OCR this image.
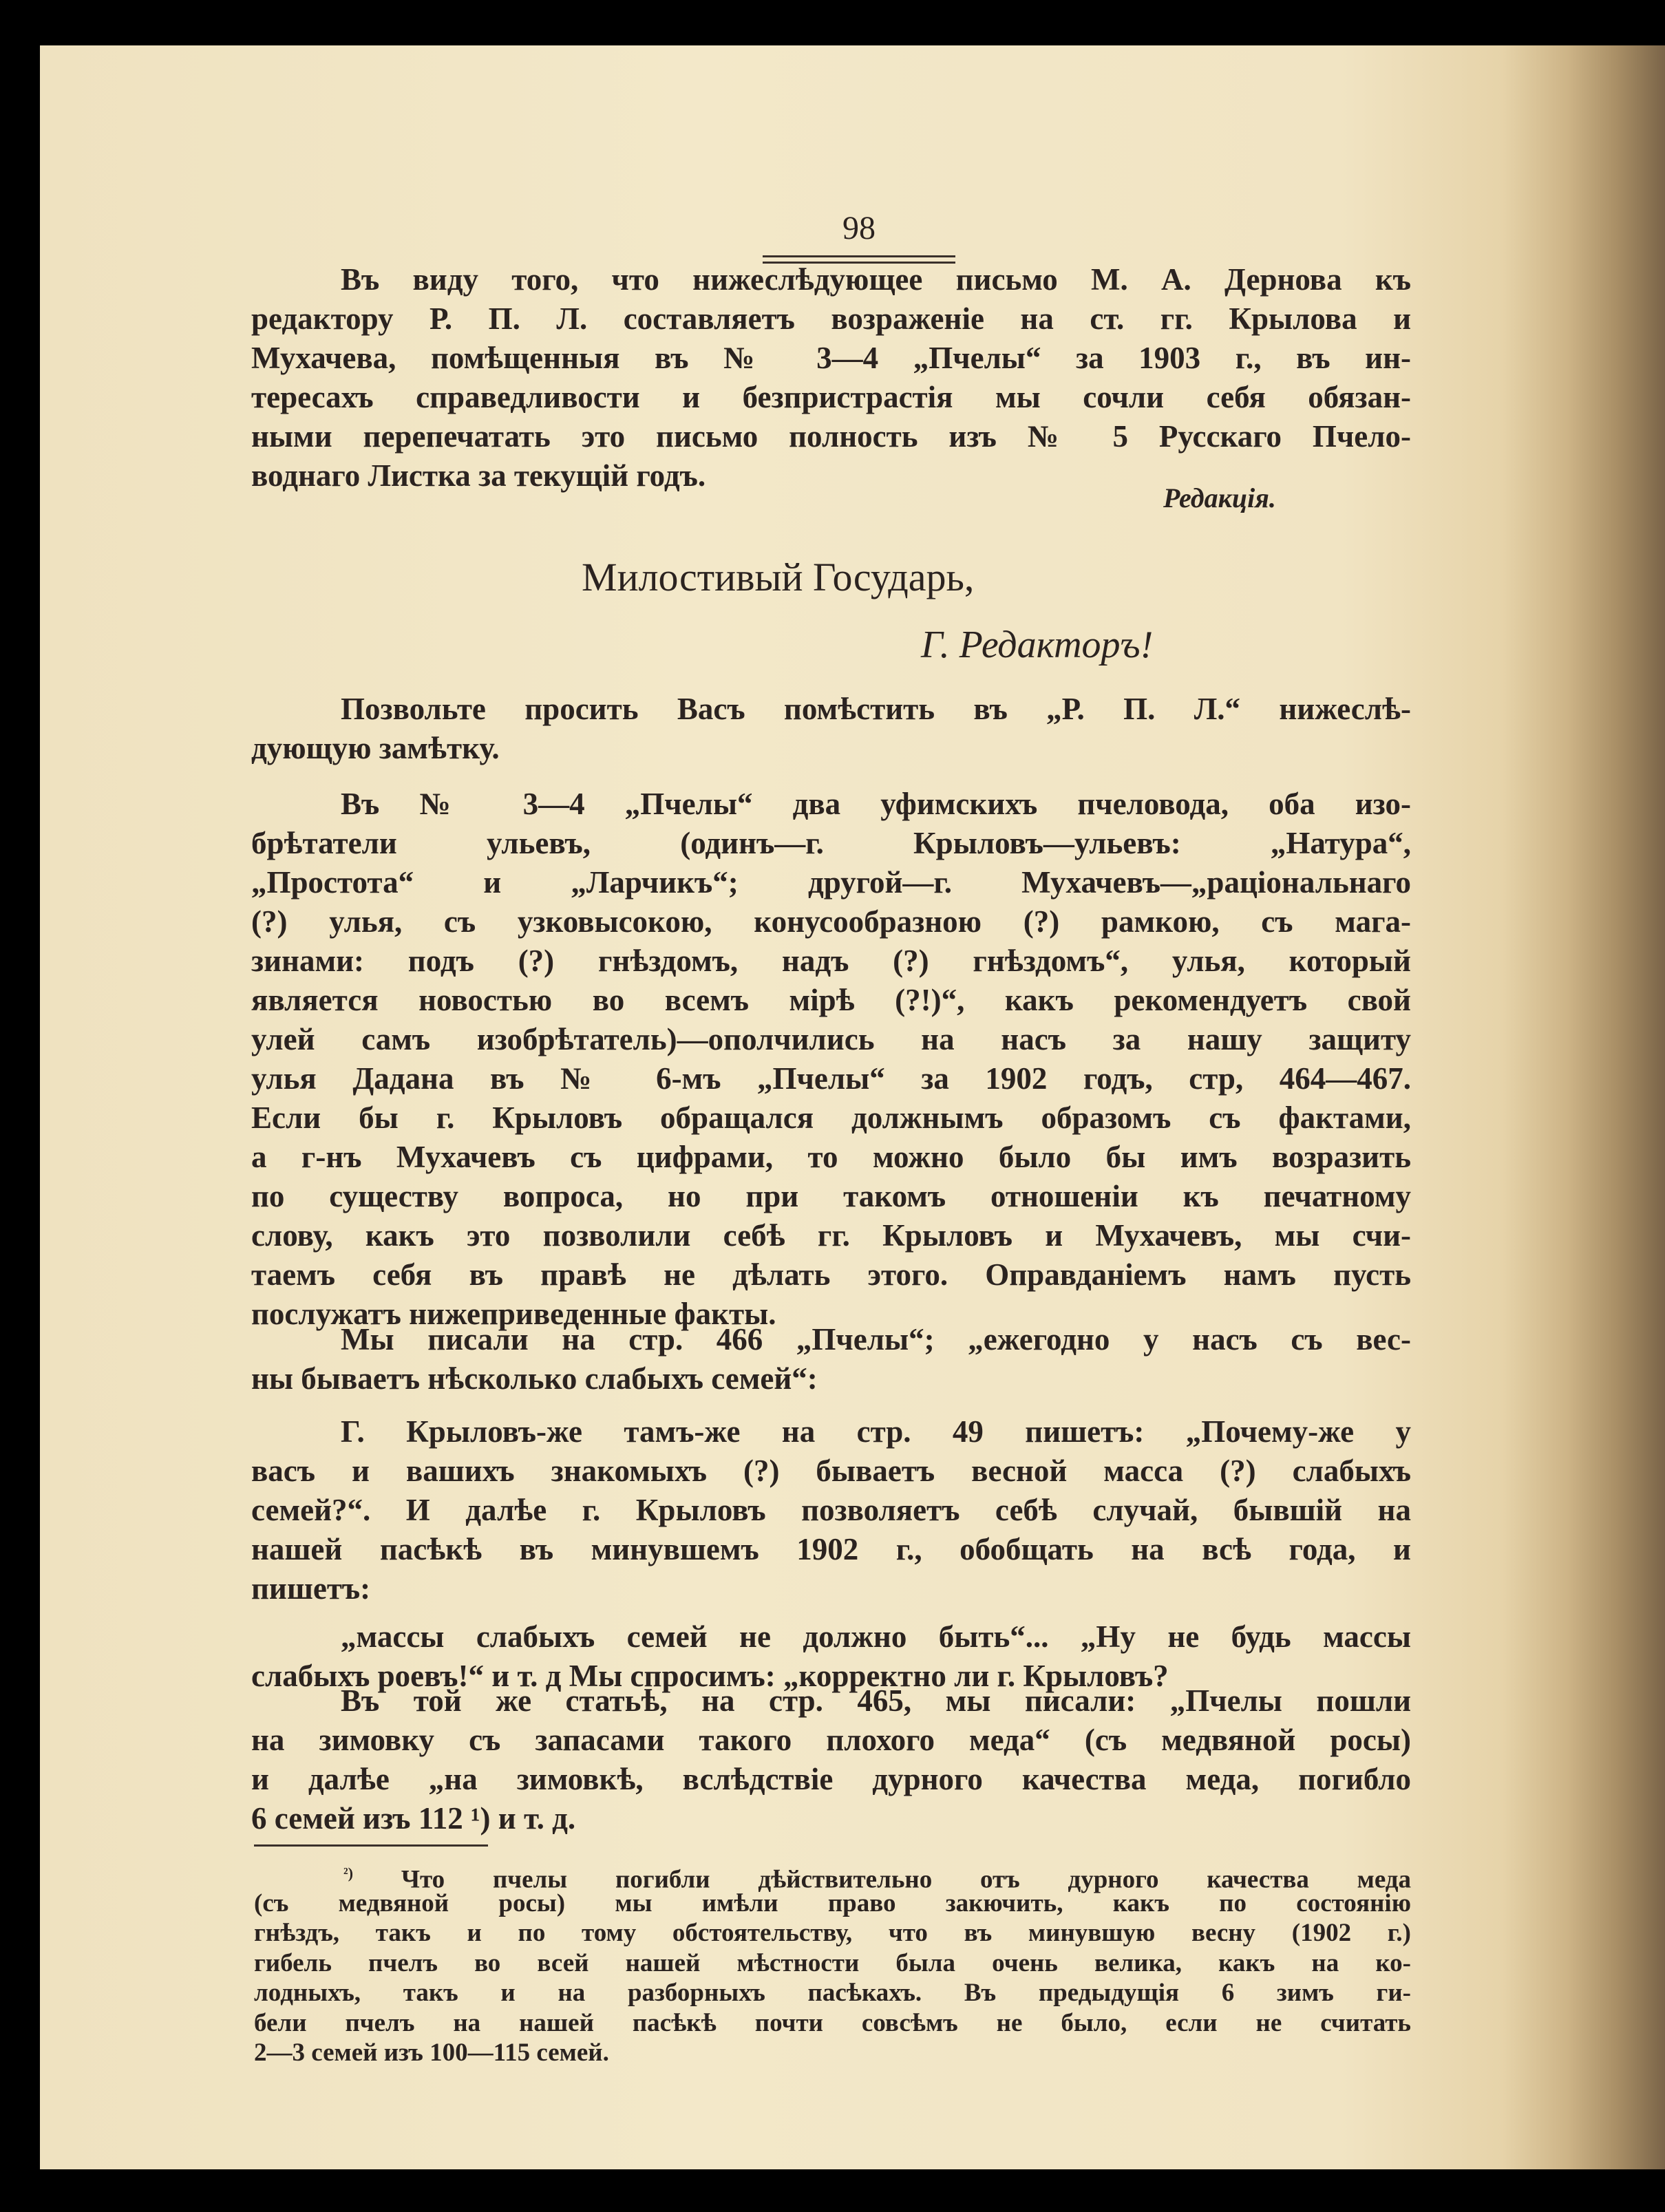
98
Въ виду того, что нижеслѣдующее письмо М. А. Дернова къ
редактору Р. П. Л. составляетъ возраженіе на ст. гг. Крылова и
Мухачева, помѣщенныя въ № 3—4 „Пчелы“ за 1903 г., въ ин-
тересахъ справедливости и безпристрастія мы сочли себя обязан-
ными перепечатать это письмо полность изъ № 5 Русскаго Пчело-
воднаго Листка за текущій годъ.
Редакція.
Милостивый Государь,
Г. Редакторъ!
Позвольте просить Васъ помѣстить въ „Р. П. Л.“ нижеслѣ-
дующую замѣтку.
Въ № 3—4 „Пчелы“ два уфимскихъ пчеловода, оба изо-
брѣтатели ульевъ, (одинъ—г. Крыловъ—ульевъ: „Натура“,
„Простота“ и „Ларчикъ“; другой—г. Мухачевъ—„раціональнаго
(?) улья, съ узковысокою, конусообразною (?) рамкою, съ мага-
зинами: подъ (?) гнѣздомъ, надъ (?) гнѣздомъ“, улья, который
является новостью во всемъ мірѣ (?!)“, какъ рекомендуетъ свой
улей самъ изобрѣтатель)—ополчились на насъ за нашу защиту
улья Дадана въ № 6-мъ „Пчелы“ за 1902 годъ, стр, 464—467.
Если бы г. Крыловъ обращался должнымъ образомъ съ фактами,
а г-нъ Мухачевъ съ цифрами, то можно было бы имъ возразить
по существу вопроса, но при такомъ отношеніи къ печатному
слову, какъ это позволили себѣ гг. Крыловъ и Мухачевъ, мы счи-
таемъ себя въ правѣ не дѣлать этого. Оправданіемъ намъ пусть
послужатъ нижеприведенные факты.
Мы писали на стр. 466 „Пчелы“; „ежегодно у насъ съ вес-
ны бываетъ нѣсколько слабыхъ семей“:
Г. Крыловъ-же тамъ-же на стр. 49 пишетъ: „Почему-же у
васъ и вашихъ знакомыхъ (?) бываетъ весной масса (?) слабыхъ
семей?“. И далѣе г. Крыловъ позволяетъ себѣ случай, бывшій на
нашей пасѣкѣ въ минувшемъ 1902 г., обобщать на всѣ года, и
пишетъ:
„массы слабыхъ семей не должно быть“... „Ну не будь массы
слабыхъ роевъ!“ и т. д Мы спросимъ: „корректно ли г. Крыловъ?
Въ той же статьѣ, на стр. 465, мы писали: „Пчелы пошли
на зимовку съ запасами такого плохого меда“ (съ медвяной росы)
и далѣе „на зимовкѣ, вслѣдствіе дурного качества меда, погибло
6 семей изъ 112 ¹) и т. д.
$^{^2)}$ Что пчелы погибли дѣйствительно отъ дурного качества меда
(съ медвяной росы) мы имѣли право закючить, какъ по состоянію
гнѣздъ, такъ и по тому обстоятельству, что въ минувшую весну (1902 г.)
гибель пчелъ во всей нашей мѣстности была очень велика, какъ на ко-
лодныхъ, такъ и на разборныхъ пасѣкахъ. Въ предыдущія 6 зимъ ги-
бели пчелъ на нашей пасѣкѣ почти совсѣмъ не было, если не считать
2—3 семей изъ 100—115 семей.
